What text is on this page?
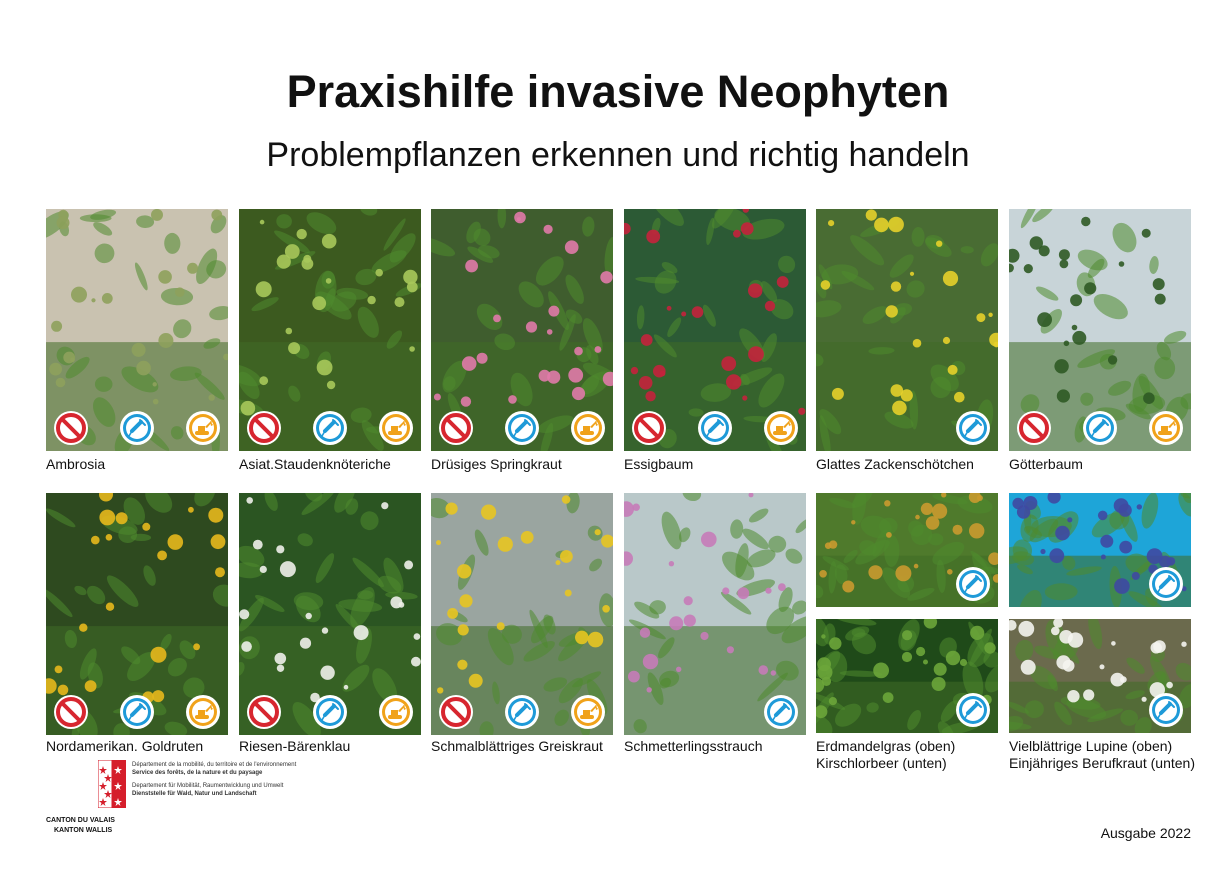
Praxishilfe invasive Neophyten
Problempflanzen erkennen und richtig handeln
Ambrosia	Asiat.Staudenknöteriche	Drüsiges Springkraut	Essigbaum	Glattes Zackenschötchen	Götterbaum
Nordamerikan. Goldruten	Riesen-Bärenklau	Schmalblättriges Greiskraut Schmetterlingsstrauch	Erdmandelgras (oben)	Vielblättrige Lupine (oben)
Kirschlorbeer (unten)	Einjähriges Berufkraut (unten)
Département de la mobilité, du territoire et de l'environnement
Service des forêts, de la nature et du paysage
Departement für Mobilität, Raumentwicklung und Umwelt
Dienststelle für Wald, Natur und Landschaft
CANTON DU VALAIS
KANTON WALLIS	Ausgabe 2022
